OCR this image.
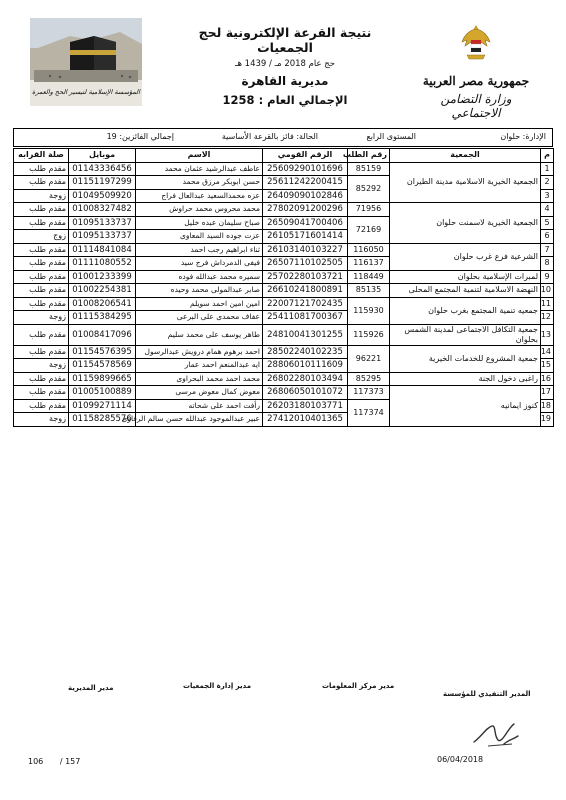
جمهورية مصر العربية
وزارة التضامن الاجتماعي
نتيجة القرعة الإلكترونية لحج الجمعيات
حج عام 2018 مـ / 1439 هـ
مديرية القاهرة
الإجمالي العام : 1258
المؤسسة الإسلامية لتيسير الحج والعمرة
الإدارة: حلوان
المستوى الرابع
الحالة: فائز بالقرعة الأساسية
إجمالي الفائزين: 19
م	الجمعية	رقم الطلب	الرقم القومي	الاسم	موبايل	صلة القرابه
1	الجمعية الخيرية الاسلامية مدينة الطيران	85159	25609290101696	عاطف عبدالرشيد عثمان محمد	01143336456	مقدم طلب
2		85292	25611242200415	حسن ابوبكر مرزق محمد	01151197299	مقدم طلب
3			26409090102846	عزه محمدالسعيد عبدالعال فراج	01049509920	زوجة
4	الجمعية الخيرية لاسمنت حلوان	71956	27802091200296	محمد محروس محمد حراوش	01008327482	مقدم طلب
5		72169	26509041700406	صباح سليمان عبده خليل	01095133737	مقدم طلب
6			26105171601414	عزت جوده السيد المعاوى	01095133737	زوج
7	الشرعية فرع غرب حلوان	116050	26103140103227	ثناء ابراهيم رجب احمد	01114841084	مقدم طلب
8		116137	26507110102505	فيفى الدمرداش فرج سيد	01111080552	مقدم طلب
9	لمبرات الإسلامية بحلوان	118449	25702280103721	سميره محمد عبدالله فوده	01001233399	مقدم طلب
10	النهضة الاسلامية لتنمية المجتمع المحلى	85135	26610241800891	صابر عبدالمولى محمد وحيده	01002254381	مقدم طلب
11	جمعيه تنمية المجتمع بغرب حلوان	115930	22007121702435	امين امين احمد سويلم	01008206541	مقدم طلب
12			25411081700367	عفاف محمدى على البرعى	01115384295	زوجة
13	جمعية التكافل الاجتماعى لمدينة الشمس بحلوان	115926	24810041301255	طاهر يوسف على محمد سليم	01008417096	مقدم طلب
14	جمعية المشروع للخدمات الخيرية	96221	28502240102235	احمد برهوم همام درويش عبدالرسول	01154576395	مقدم طلب
15			28806010111609	ايه عبدالمنعم احمد عمار	01154578569	زوجة
16	راغبى دخول الجنة	85295	26802280103494	محمد احمد محمد البحراوى	01159899665	مقدم طلب
17	كنوز ايمانيه	117373	26806050101072	معوض كمال معوض مرسى	01005100889	مقدم طلب
18		117374	26203180103771	رأفت احمد على شحاته	01099271114	مقدم طلب
19			27412010401365	عبير عبدالموجود عبدالله حسن سالم الرفاوى	01158285576	زوجة
مدير المديرية	مدير إدارة الجمعيات	مدير مركز المعلومات
المدير التنفيذي للمؤسسة
06/04/2018
106 / 157
